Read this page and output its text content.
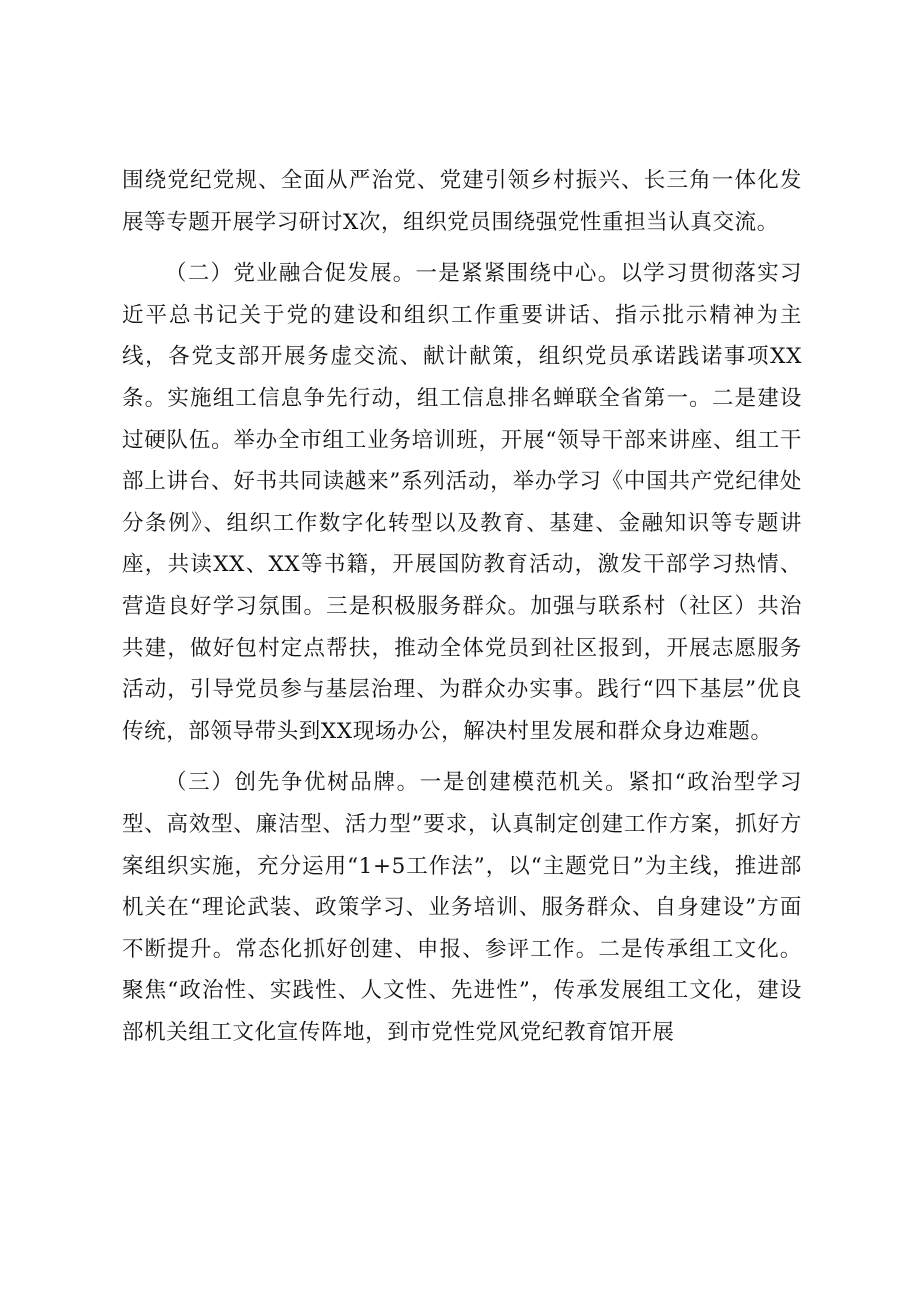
围绕党纪党规、全面从严治党、党建引领乡村振兴、长三角一体化发展等专题开展学习研讨X次，组织党员围绕强党性重担当认真交流。

（二）党业融合促发展。一是紧紧围绕中心。以学习贯彻落实习近平总书记关于党的建设和组织工作重要讲话、指示批示精神为主线，各党支部开展务虚交流、献计献策，组织党员承诺践诺事项XX条。实施组工信息争先行动，组工信息排名蝉联全省第一。二是建设过硬队伍。举办全市组工业务培训班，开展“领导干部来讲座、组工干部上讲台、好书共同读越来”系列活动，举办学习《中国共产党纪律处分条例》、组织工作数字化转型以及教育、基建、金融知识等专题讲座，共读XX、XX等书籍，开展国防教育活动，激发干部学习热情、营造良好学习氛围。三是积极服务群众。加强与联系村（社区）共治共建，做好包村定点帮扶，推动全体党员到社区报到，开展志愿服务活动，引导党员参与基层治理、为群众办实事。践行“四下基层”优良传统，部领导带头到XX现场办公，解决村里发展和群众身边难题。

（三）创先争优树品牌。一是创建模范机关。紧扣“政治型学习型、高效型、廉洁型、活力型”要求，认真制定创建工作方案，抓好方案组织实施，充分运用“1+5工作法”，以“主题党日”为主线，推进部机关在“理论武装、政策学习、业务培训、服务群众、自身建设”方面不断提升。常态化抓好创建、申报、参评工作。二是传承组工文化。聚焦“政治性、实践性、人文性、先进性”，传承发展组工文化，建设部机关组工文化宣传阵地，到市党性党风党纪教育馆开展
